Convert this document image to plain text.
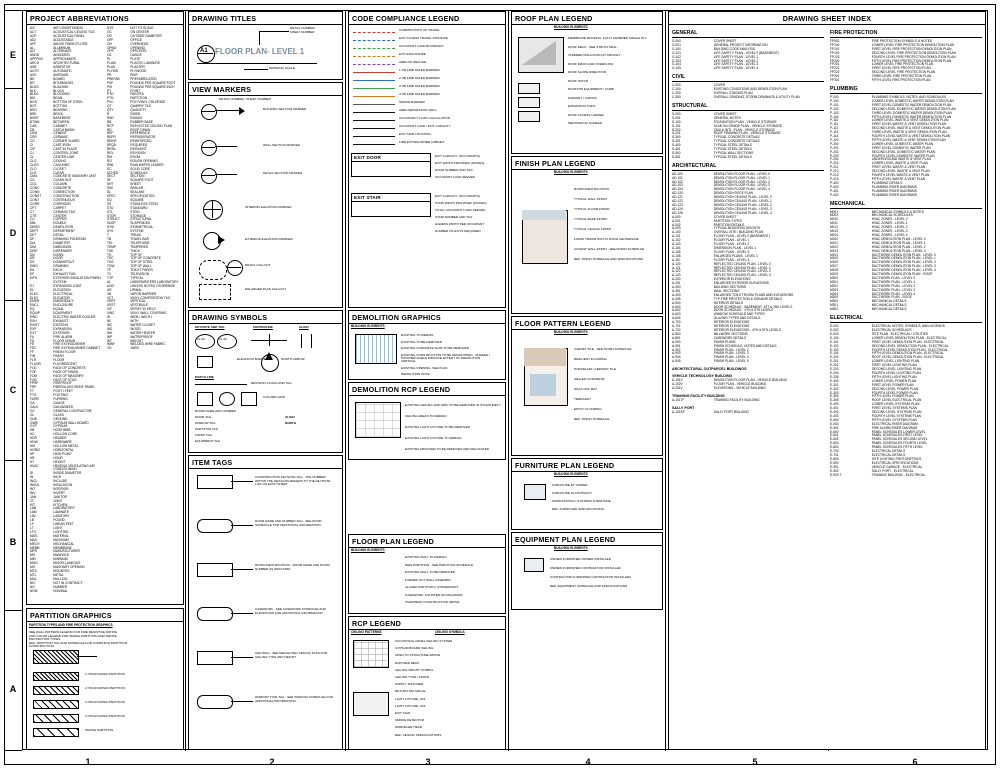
E
D
C
B
A
1	2	3	4	5	6
PROJECT ABBREVIATIONS
A/C	AIR CONDITIONING
ACT	ACOUSTICAL CEILING TILE
ACP	ACOUSTICAL PANEL
ADJ	ADJUSTABLE
AFF	ABOVE FINISH FLOOR
AL	ALUMINUM
ALT	ALTERNATE
ANOD	ANODIZED
APPROX	APPROXIMATE
ARCH	ARCHITECTURAL
ASB	ASBESTOS
AUTO	AUTOMATIC
AVG	AVERAGE
BD	BOARD
BIT	BITUMINOUS
BLDG	BUILDING
BLK	BLOCK
BLKG	BLOCKING
BM	BEAM
BOS	BOTTOM OF STEEL
BOT	BOTTOM
BRG	BEARING
BRK	BRICK
BSMT	BASEMENT
BTWN	BETWEEN
CAB	CABINET
CB	CATCH BASIN
CEM	CEMENT
CER	CERAMIC
CG	CORNER GUARD
CI	CAST IRON
CIP	CAST IN PLACE
CJ	CONTROL JOINT
CL	CENTER LINE
CLG	CEILING
CLKG	CAULKING
CLO	CLOSET
CLR	CLEAR
CMU	CONCRETE MASONRY UNIT
CO	CLEAN OUT
COL	COLUMN
CONC	CONCRETE
CONN	CONNECTION
CONST	CONSTRUCTION
CONT	CONTINUOUS
CORR	CORRIDOR
CPT	CARPET
CT	CERAMIC TILE
CTR	CENTER
CU	COPPER
DBL	DOUBLE
DEMO	DEMOLITION
DEPT	DEPARTMENT
DET	DETAIL
DF	DRINKING FOUNTAIN
DIA	DIAMETER
DIM	DIMENSION
DISP	DISPENSER
DN	DOWN
DR	DOOR
DS	DOWNSPOUT
DWG	DRAWING
EA	EACH
EF	EXHAUST FAN
EIFS	EXTERIOR INSULATION FINISH SYSTEM
EJ	EXPANSION JOINT
EL	ELEVATION
ELEC	ELECTRICAL
ELEV	ELEVATOR
EMER	EMERGENCY
ENCL	ENCLOSURE
EQ	EQUAL
EQUIP	EQUIPMENT
EWC	ELECTRIC WATER COOLER
EXH	EXHAUST
EXIST	EXISTING
EXP	EXPANSION
EXT	EXTERIOR
FA	FIRE ALARM
FD	FLOOR DRAIN
FE	FIRE EXTINGUISHER
FEC	FIRE EXTINGUISHER CABINET
FF	FINISH FLOOR
FIN	FINISH
FLR	FLOOR
FLUOR	FLUORESCENT
FOC	FACE OF CONCRETE
FOF	FACE OF FINISH
FOM	FACE OF MASONRY
FOS	FACE OF STUD
FPRF	FIREPROOF
FRP	FIBERGLASS REINF PANEL
FT	FOOT / FEET
FTG	FOOTING
FURR	FURRING
GA	GAUGE
GALV	GALVANIZED
GC	GENERAL CONTRACTOR
GL	GLASS
GND	GROUND
GWB	GYPSUM WALL BOARD
GYP	GYPSUM
HB	HOSE BIBB
HC	HOLLOW CORE
HDR	HEADER
HDW	HARDWARE
HM	HOLLOW METAL
HORIZ	HORIZONTAL
HP	HIGH POINT
HR	HOUR
HT	HEIGHT
HVAC	HEATING VENTILATING AIR CONDITIONING
ID	INSIDE DIAMETER
IN	INCH
INCL	INCLUDE
INSUL	INSULATION
INT	INTERIOR
INV	INVERT
JAN	JANITOR
JT	JOINT
KIT	KITCHEN
LAB	LABORATORY
LAM	LAMINATE
LAV	LAVATORY
LB	POUND
LF	LINEAR FEET
LT	LIGHT
LTG	LIGHTING
MATL	MATERIAL
MAX	MAXIMUM
MECH	MECHANICAL
MEMB	MEMBRANE
MFR	MANUFACTURER
MH	MANHOLE
MIN	MINIMUM
MISC	MISCELLANEOUS
MO	MASONRY OPENING
MTD	MOUNTED
MTL	METAL
MUL	MULLION
NIC	NOT IN CONTRACT
NO	NUMBER
NOM	NOMINAL
NTS	NOT TO SCALE
OC	ON CENTER
OD	OUTSIDE DIAMETER
OFF	OFFICE
OH	OVERHEAD
OPNG	OPENING
OPP	OPPOSITE
OZ	OUNCE
PL	PLATE
PLAM	PLASTIC LAMINATE
PLAS	PLASTER
PLYWD	PLYWOOD
PR	PAIR
PREFAB	PREFABRICATED
PSF	POUNDS PER SQUARE FOOT
PSI	POUNDS PER SQUARE INCH
PT	POINT
PTD	PAINTED
PTN	PARTITION
PVC	POLYVINYL CHLORIDE
QT	QUARRY TILE
QTY	QUANTITY
R	RISER
RAD	RADIUS
RB	RUBBER BASE
RCP	REFLECTED CEILING PLAN
RD	ROOF DRAIN
REF	REFERENCE
REFR	REFRIGERATOR
REINF	REINFORCED
REQD	REQUIRED
RESIL	RESILIENT
REV	REVISION
RM	ROOM
RO	ROUGH OPENING
RWL	RAIN WATER LEADER
SC	SOLID CORE
SCHED	SCHEDULE
SECT	SECTION
SF	SQUARE FOOT
SHT	SHEET
SIM	SIMILAR
SL	SEALANT
SPEC	SPECIFICATION
SQ	SQUARE
SS	STAINLESS STEEL
STD	STANDARD
STL	STEEL
STOR	STORAGE
STRUCT	STRUCTURAL
SUSP	SUSPENDED
SYM	SYMMETRICAL
SYS	SYSTEM
T	TREAD
TB	TOWEL BAR
TEL	TELEPHONE
TEMP	TEMPERED
THK	THICK
TO	TOP OF
TOC	TOP OF CONCRETE
TOS	TOP OF STEEL
TOW	TOP OF WALL
TP	TOILET PAPER
TV	TELEVISION
TYP	TYPICAL
UL	UNDERWRITERS LABORATORY
UNO	UNLESS NOTED OTHERWISE
UR	URINAL
VB	VAPOR BARRIER
VCT	VINYL COMPOSITION TILE
VERT	VERTICAL
VEST	VESTIBULE
VIF	VERIFY IN FIELD
VWC	VINYL WALL COVERING
W	WIDE / WIDTH
W/	WITH
WC	WATER CLOSET
WD	WOOD
WH	WATER HEATER
WP	WATERPROOF
WT	WEIGHT
WWF	WELDED WIRE FABRIC
YD	YARD
PARTITION GRAPHICS
PARTITION TYPES AND FIRE PROTECTION GRAPHICS
SEE WALL PATTERN LEGEND FOR FIRE RESISTIVE RATING
AND COLOR LEGEND FOR SMOKE PARTITION AND SMOKE
PROTECTION TYPES
REF. PARTITION TAG AND SCHEDULE FOR COMPLETE PARTITION
CONSTRUCTION
1 HOUR RATED PARTITION
2 HOUR RATED PARTITION
3 HOUR RATED PARTITION
4 HOUR RATED PARTITION
SMOKE PARTITION
DRAWING TITLES
A1 FLOOR PLAN- LEVEL 1
DETAIL NUMBER
SHEET NUMBER
DRAWING SCALE
VIEW MARKERS
BUILDING SECTION MARKER
DETAIL NUMBER / SHEET NUMBER
WALL SECTION MARKER
DETAIL SECTION MARKER
INTERIOR ELEVATION MARKER
EXTERIOR ELEVATION MARKER
DETAIL CALLOUT
ENLARGED PLAN CALLOUT
DRAWING SYMBOLS
KEYNOTE AND TAG	CENTERLINE	ALIGN
A1.00	A1.00
ELEVATION MARKER	NORTH ARROW
MATCH LINE
REVISION CLOUD AND TAG
COLUMN GRID
ROOM NAME AND NUMBER
DOOR TAG
WINDOW TAG
PARTITION TAG
FINISH TAG
EQUIPMENT TAG
ALIGN
NORTH
ITEM TAGS
CONSTRUCTION KEYNOTE TAG - THE NUMBER WITHIN THE HEXAGON REFERS TO THE KEYNOTE LIST ON EACH SHEET
DOOR NAME AND NUMBER TAG - SEE DOOR SCHEDULE FOR ADDITIONAL INFORMATION
ROOM IDENTIFICATION - ROOM NAME AND ROOM NUMBER AS INDICATED
CASEWORK - SEE CASEWORK SCHEDULE AND ELEVATIONS FOR ADDITIONAL INFORMATION
CEILINGS - SEE REFLECTED CEILING PLAN FOR CEILING TYPE AND HEIGHT
WINDOW TYPE TAG - SEE WINDOW SCHEDULE FOR ADDITIONAL INFORMATION
CODE COMPLIANCE LEGEND
COMMON PATH OF TRAVEL
EXIT ACCESS TRAVEL DISTANCE
OCCUPANT LOAD BOUNDARY
EXIT ENCLOSURE
AREA OF REFUGE
1 HR FIRE RATED BARRIER
2 HR FIRE RATED BARRIER
3 HR FIRE RATED BARRIER
4 HR FIRE RATED BARRIER
SMOKE BARRIER
AREA SEPARATION WALL
OCCUPANCY LOAD CALCULATION
OCCUPANT LOAD / EXIT CAPACITY
EXIT SIGN LOCATION
FIRE EXTINGUISHER CABINET
EXIT DOOR	EXIT CAPACITY (OCCUPANTS)
EXIT WIDTH PROVIDED (INCHES)
DOOR NUMBER AND TAG
OCCUPANT LOAD SERVED
EXIT STAIR	EXIT CAPACITY (OCCUPANTS)
STAIR WIDTH PROVIDED (INCHES)
TOTAL OCCUPANT LOAD SERVED
STAIR NUMBER AND TAG
EGRESS WIDTH PER OCCUPANT
NUMBER OF EXITS REQUIRED
DEMOLITION GRAPHICS
BUILDING ELEMENTS
EXISTING TO REMAIN
EXISTING TO BE REMOVED
EXISTING CONCRETE SLAB TO BE REMOVED
EXISTING CONSTRUCTION TO BE DEMOLISHED - SHADED / HATCHED AREAS INDICATE EXTENT OF DEMOLITION
VERTICAL
EXISTING OPENING, SEE PLAN
DEMOLITION NOTE
DEMOLITION RCP LEGEND
EXISTING CEILING AND GRID TO BE REMOVED IN ITS ENTIRETY
CEILING AREAS TO REMAIN
EXISTING LIGHT FIXTURE TO BE REMOVED
EXISTING LIGHT FIXTURE TO REMAIN
EXISTING DIFFUSER TO BE REMOVED AND RELOCATED
FLOOR PLAN LEGEND
BUILDING ELEMENTS
EXISTING WALL TO REMAIN
NEW PARTITION - SEE PARTITION SCHEDULE
EXISTING WALL TO BE REMOVED
FURRED OUT WALL ASSEMBLY
GLAZED PARTITION / STOREFRONT
CASEWORK, COUNTER OR MILLWORK
OVERHEAD CONSTRUCTION ABOVE
RCP LEGEND
CEILING PATTERNS	CEILING SYMBOLS
ACOUSTICAL PANEL CEILING SYSTEM
GYPSUM BOARD CEILING
OPEN TO STRUCTURE ABOVE
EXPOSED DECK
CEILING HEIGHT SYMBOL
CEILING TYPE / FINISH
SUPPLY DIFFUSER
RETURN AIR GRILLE
LIGHT FIXTURE, 2X4
LIGHT FIXTURE, 2X2
EXIT SIGN
SMOKE DETECTOR
SPRINKLER HEAD
REF. CEILING SPECIFICATIONS
ROOF PLAN LEGEND
BUILDING ELEMENTS
MEMBRANE ROOFING, FULLY ADHERED SINGLE PLY
ROOF DECK - SEE STRUCTURAL
TAPERED INSULATION AT CRICKET
ROOF DRAIN AND OVERFLOW
ROOF SLOPE DIRECTION
ROOF HATCH
ROOFTOP EQUIPMENT / CURB
PARAPET / COPING
EXPANSION JOINT
ROOF ACCESS LADDER
MECHANICAL SCREEN
FINISH PLAN LEGEND
BUILDING ELEMENTS
ROOM IDENTIFICATION
TYPICAL WALL FINISH
TYPICAL FLOOR FINISH
TYPICAL BASE FINISH
TYPICAL CEILING FINISH
FINISH TRANSITION AT DOOR CENTERLINE
ACCENT WALL FINISH - SEE FINISH SCHEDULE
REF. FINISH SCHEDULE AND SPECIFICATIONS
FLOOR PATTERN LEGEND
BUILDING ELEMENTS
CARPET TILE - SEE FINISH SCHEDULE
RESILIENT FLOORING
PORCELAIN / CERAMIC TILE
SEALED CONCRETE
WALK-OFF MAT
TERRAZZO
EPOXY FLOORING
REF. FINISH SCHEDULE
FURNITURE PLAN LEGEND
BUILDING ELEMENTS
FURNITURE BY OWNER
FURNITURE IN CONTRACT
WORKSTATION / SYSTEMS FURNITURE
REF. FURNITURE SPECIFICATIONS
EQUIPMENT PLAN LEGEND
BUILDING ELEMENTS
OWNER FURNISHED OWNER INSTALLED
OWNER FURNISHED CONTRACTOR INSTALLED
CONTRACTOR FURNISHED CONTRACTOR INSTALLED
REF. EQUIPMENT SCHEDULE AND SPECIFICATIONS
DRAWING SHEET INDEX
GENERAL
G-000	COVER SHEET
G-001	GENERAL PROJECT INFORMATION
G-100	BUILDING CODE ANALYSIS
G-101	LIFE SAFETY PLAN - LEVEL 0 (BASEMENT)
G-102	LIFE SAFETY PLAN - LEVEL 1
G-103	LIFE SAFETY PLAN - LEVEL 2
G-104	LIFE SAFETY PLAN - LEVEL 3
G-105	LIFE SAFETY PLAN - LEVEL 4
CIVIL
C-000	COVER
C-100	EXISTING CONDITIONS AND DEMOLITION PLAN
C-200	OVERALL STAGING PLAN
C-300	OVERALL GRADING, STORM DRAINAGE & UTILITY PLAN
STRUCTURAL
S-000	COVER SHEET
S-001	GENERAL NOTES
S-100	FOUNDATION PLAN - VEHICLE STORAGE
S-101	SLAB ON GRADE PLAN - VEHICLE STORAGE
S-200	CMU & INTL. PLAN - VEHICLE STORAGE
S-201	ROOF FRAMING PLAN - VEHICLE STORAGE
S-300	TYPICAL CONCRETE DETAILS
S-301	TYPICAL CONCRETE DETAILS
S-400	TYPICAL STEEL DETAILS
S-401	TYPICAL STEEL DETAILS
S-500	TYPICAL WALL SECTIONS
S-501	TYPICAL STEEL DETAILS
ARCHITECTURAL
AD-100	DEMOLITION FLOOR PLAN - LEVEL 0
AD-101	DEMOLITION FLOOR PLAN - LEVEL 1
AD-102	DEMOLITION FLOOR PLAN - LEVEL 2
AD-103	DEMOLITION FLOOR PLAN - LEVEL 3
AD-104	DEMOLITION FLOOR PLAN - LEVEL 4
AD-120	DEMOLITION ROOF PLAN
AD-121	DEMOLITION CEILING PLAN - LEVEL 0
AD-122	DEMOLITION CEILING PLAN - LEVEL 1
AD-123	DEMOLITION CEILING PLAN - LEVEL 2
AD-124	DEMOLITION CEILING PLAN - LEVEL 3
AD-125	DEMOLITION CEILING PLAN - LEVEL 4
A-000	COVER SHEET
A-001	PARTITION TYPES
A-002	PARTITION DETAILS
A-003	TYPICAL MOUNTING HEIGHTS
A-100	OVERALL SITE / BUILDING PLAN
A-101	FLOOR PLAN - LEVEL 0 (BASEMENT)
A-102	FLOOR PLAN - LEVEL 1
A-103	FLOOR PLAN - LEVEL 2
A-104	DIMENSION PLAN - LEVEL 1
A-105	FLOOR PLAN - LEVEL 3
A-106	ENLARGED PLANS - LEVEL 1
A-110	FLOOR PLAN - LEVEL 4
A-120	REFLECTED CEILING PLAN - LEVEL 0
A-121	REFLECTED CEILING PLAN - LEVEL 1
A-122	REFLECTED CEILING PLAN - LEVEL 2
A-123	REFLECTED CEILING PLAN - LEVEL 3
A-200	EXTERIOR ELEVATIONS
A-201	ENLARGED EXTERIOR ELEVATIONS
A-300	BUILDING SECTIONS
A-301	WALL SECTIONS
A-400	ENLARGED TOILET ROOM PLANS AND ELEVATIONS
A-405	TYP FIRE PROTECTION & SIGNAGE DETAILS
A-500	INTERIOR DETAILS
A-600	DOOR SCHEDULE - BASEMENT, 1ST & 2ND LEVELS
A-602	DOOR SCHEDULE - 4TH & 5TH LEVELS
A-603	WINDOW SCHEDULE AND TYPES
A-604	GLAZING TYPES AND DETAILS
A-700	INTERIOR ELEVATIONS
A-701	INTERIOR ELEVATIONS
A-702	INTERIOR ELEVATIONS - 4TH & 5TH LEVELS
A-800	MILLWORK SECTIONS
A-801	CASEWORK DETAILS
A-900	FINISH PLANS
A-901	FINISH SCHEDULE, NOTES AND DETAILS
A-902	FINISH PLAN - LEVEL 2
A-903	FINISH PLAN - LEVEL 3
A-904	FINISH PLAN - LEVEL 4
A-905	FINISH PLAN - LEVEL 5
ARCHITECTURAL OUTPARCEL BUILDINGS
VEHICLE TECHNOLOGY BUILDING
A-101V	DEMOLITION FLOOR PLAN - VEHICLE BUILDING
A-102V	FLOOR PLAN - VEHICLE BUILDING
A-201V	ELEVATIONS - VEHICLE BUILDING
TRAINING FACILITY BUILDING
A-101TF	TRAINING FACILITY BUILDING
SALLY PORT
A-101SP	SALLY PORT BUILDING
FIRE PROTECTION
FP002	FIRE PROTECTION SYMBOLS & NOTES
FP100	LOWER LEVEL FIRE PROTECTION DEMOLITION PLAN
FP101	FIRST LEVEL FIRE PROTECTION DEMOLITION PLAN
FP102	SECOND LEVEL FIRE PROTECTION DEMOLITION PLAN
FP103	FOURTH LEVEL FIRE PROTECTION DEMOLITION PLAN
FP200	FIFTH LEVEL FIRE PROTECTION DEMOLITION PLAN
FP201	LOWER LEVEL FIRE PROTECTION PLAN
FP221	FIRST LEVEL FIRE PROTECTION PLAN
FP222	SECOND LEVEL FIRE PROTECTION PLAN
FP301	THIRD LEVEL FIRE PROTECTION PLAN
FP302	FIFTH LEVEL FIRE PROTECTION PLAN
PLUMBING
P-000	PLUMBING SYMBOLS, NOTES, AND SCHEDULES
P-100	LOWER LEVEL DOMESTIC WATER DEMOLITION PLAN
P-101	FIRST LEVEL DOMESTIC WATER DEMOLITION PLAN
P-102	SECOND LEVEL DOMESTIC WATER DEMOLITION PLAN
P-103	THIRD LEVEL DOMESTIC WATER DEMOLITION PLAN
P-104	FIFTH LEVEL DOMESTIC WATER DEMOLITION PLAN
P-110	LOWER LEVEL WASTE & VENT DEMOLITION PLAN
P-111	FIRST LEVEL WASTE & VENT DEMOLITION PLAN
P-112	SECOND LEVEL WASTE & VENT DEMOLITION PLAN
P-113	THIRD LEVEL WASTE & VENT DEMOLITION PLAN
P-114	FOURTH LEVEL WASTE & VENT DEMOLITION PLAN
P-120	FIFTH LEVEL WASTE & VENT DEMOLITION PLAN
P-200	LOWER LEVEL DOMESTIC WATER PLAN
P-201	FIRST LEVEL DOMESTIC WATER PLAN
P-202	SECOND LEVEL DOMESTIC WATER PLAN
P-203	FOURTH LEVEL DOMESTIC WATER PLAN
P-204	UNDERGROUND WASTE & VENT PLAN
P-210	LOWER LEVEL WASTE & VENT PLAN
P-211	FIRST LEVEL WASTE & VENT PLAN
P-212	SECOND LEVEL WASTE & VENT PLAN
P-213	FOURTH LEVEL WASTE & VENT PLAN
P-214	FIFTH LEVEL WASTE & VENT PLAN
P-300	PLUMBING DETAILS
P-400	PLUMBING RISER DIAGRAMS
P-401	PLUMBING RISER DIAGRAMS
P-402	PLUMBING RISER DIAGRAMS
MECHANICAL
M001	MECHANICAL SYMBOLS & NOTES
M002	MECHANICAL SCHEDULES
M010	HVAC ZONES - LEVEL 0
M011	HVAC ZONES - LEVEL 1
M012	HVAC ZONES - LEVEL 2
M013	HVAC ZONES - LEVEL 3
M014	HVAC ZONES - LEVEL 4
M100	HVAC DEMOLITION PLAN - LEVEL 0
M101	HVAC DEMOLITION PLAN - LEVEL 1
M102	HVAC DEMOLITION PLAN - LEVEL 2
M103	HVAC DEMOLITION PLAN - LEVEL 3
M104	DUCTWORK DEMOLITION PLAN - LEVEL 0
M105	DUCTWORK DEMOLITION PLAN - LEVEL 1
M106	DUCTWORK DEMOLITION PLAN - LEVEL 2
M107	DUCTWORK DEMOLITION PLAN - LEVEL 3
M108	DUCTWORK DEMOLITION PLAN - LEVEL 4
M109	DUCTWORK DEMOLITION PLAN - ROOF
M200	DUCTWORK PLAN - LEVEL 0
M201	DUCTWORK PLAN - LEVEL 1
M202	DUCTWORK PLAN - LEVEL 2
M203	DUCTWORK PLAN - LEVEL 3
M204	DUCTWORK PLAN - LEVEL 4
M205	DUCTWORK PLAN - ROOF
M300	MECHANICAL DETAILS
M301	MECHANICAL DETAILS
M302	MECHANICAL DETAILS
ELECTRICAL
E-001	ELECTRICAL NOTES, SYMBOLS, AND LEGENDS
E-002	ELECTRICAL SCHEDULES
E-003	SITE PLAN - ELECTRICAL / UTILITIES
E-100	LOWER LEVEL DEMOLITION PLAN - ELECTRICAL
E-101	FIRST LEVEL DEMOLITION PLAN - ELECTRICAL
E-102	SECOND LEVEL DEMOLITION PLAN - ELECTRICAL
E-103	FOURTH LEVEL DEMOLITION PLAN - ELECTRICAL
E-104	FIFTH LEVEL DEMOLITION PLAN - ELECTRICAL
E-200	ROOF LEVEL DEMOLITION PLAN - ELECTRICAL
E-201	LOWER LEVEL LIGHTING PLAN
E-202	FIRST LEVEL LIGHTING PLAN
E-203	SECOND LEVEL LIGHTING PLAN
E-204	FOURTH LEVEL LIGHTING PLAN
E-205	FIFTH LEVEL LIGHTING PLAN
E-300	LOWER LEVEL POWER PLAN
E-301	FIRST LEVEL POWER PLAN
E-302	SECOND LEVEL POWER PLAN
E-303	FOURTH LEVEL POWER PLAN
E-304	FIFTH LEVEL POWER PLAN
E-305	ROOF LEVEL ELECTRICAL PLAN
E-400	LOWER LEVEL SYSTEMS PLAN
E-401	FIRST LEVEL SYSTEMS PLAN
E-402	SECOND LEVEL SYSTEMS PLAN
E-403	FOURTH LEVEL SYSTEMS PLAN
E-404	FIFTH LEVEL SYSTEMS PLAN
E-500	ELECTRICAL RISER DIAGRAM
E-501	FIRE ALARM RISER DIAGRAM
E-600	PANEL SCHEDULES LOWER LEVEL
E-601	PANEL SCHEDULES FIRST LEVEL
E-602	PANEL SCHEDULES SECOND LEVEL
E-603	PANEL SCHEDULES FOURTH LEVEL
E-604	PANEL SCHEDULES FIFTH LEVEL
E-700	ELECTRICAL DETAILS
E-701	ELECTRICAL DETAILS
E-800	SITE LIGHTING PHOTOMETRICS
E-900	ELECTRICAL SPECIFICATIONS
E-901	VEHICLE GARAGE - ELECTRICAL
E-902	SALLY PORT - ELECTRICAL
E-903 T	TRAINING BUILDING - ELECTRICAL
